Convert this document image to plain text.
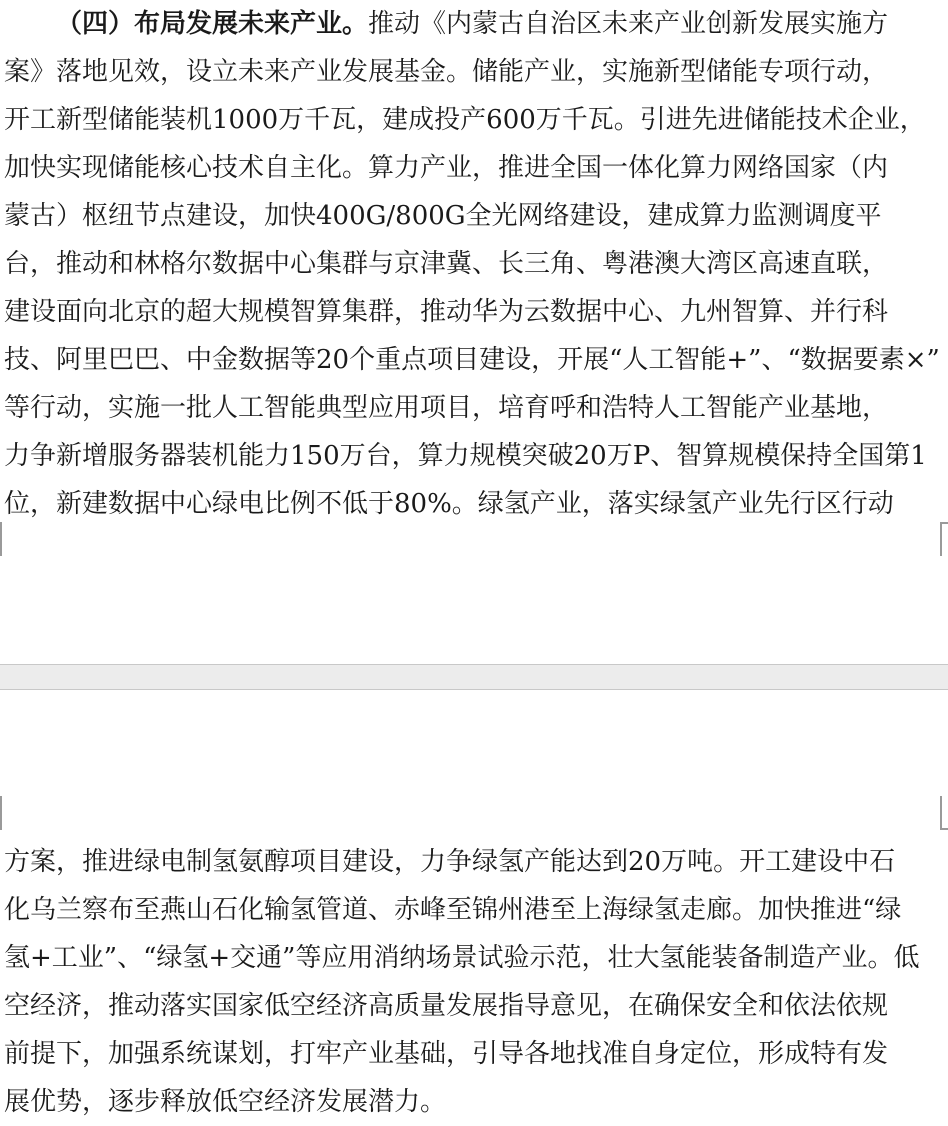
（四）布局发展未来产业。推动《内蒙古自治区未来产业创新发展实施方
案》落地见效，设立未来产业发展基金。储能产业，实施新型储能专项行动，
开工新型储能装机1000万千瓦，建成投产600万千瓦。引进先进储能技术企业，
加快实现储能核心技术自主化。算力产业，推进全国一体化算力网络国家（内
蒙古）枢纽节点建设，加快400G/800G全光网络建设，建成算力监测调度平
台，推动和林格尔数据中心集群与京津冀、长三角、粤港澳大湾区高速直联，
建设面向北京的超大规模智算集群，推动华为云数据中心、九州智算、并行科
技、阿里巴巴、中金数据等20个重点项目建设，开展“人工智能+”、“数据要素×”
等行动，实施一批人工智能典型应用项目，培育呼和浩特人工智能产业基地，
力争新增服务器装机能力150万台，算力规模突破20万P、智算规模保持全国第1
位，新建数据中心绿电比例不低于80%。绿氢产业，落实绿氢产业先行区行动
方案，推进绿电制氢氨醇项目建设，力争绿氢产能达到20万吨。开工建设中石
化乌兰察布至燕山石化输氢管道、赤峰至锦州港至上海绿氢走廊。加快推进“绿
氢+工业”、“绿氢+交通”等应用消纳场景试验示范，壮大氢能装备制造产业。低
空经济，推动落实国家低空经济高质量发展指导意见，在确保安全和依法依规
前提下，加强系统谋划，打牢产业基础，引导各地找准自身定位，形成特有发
展优势，逐步释放低空经济发展潜力。
